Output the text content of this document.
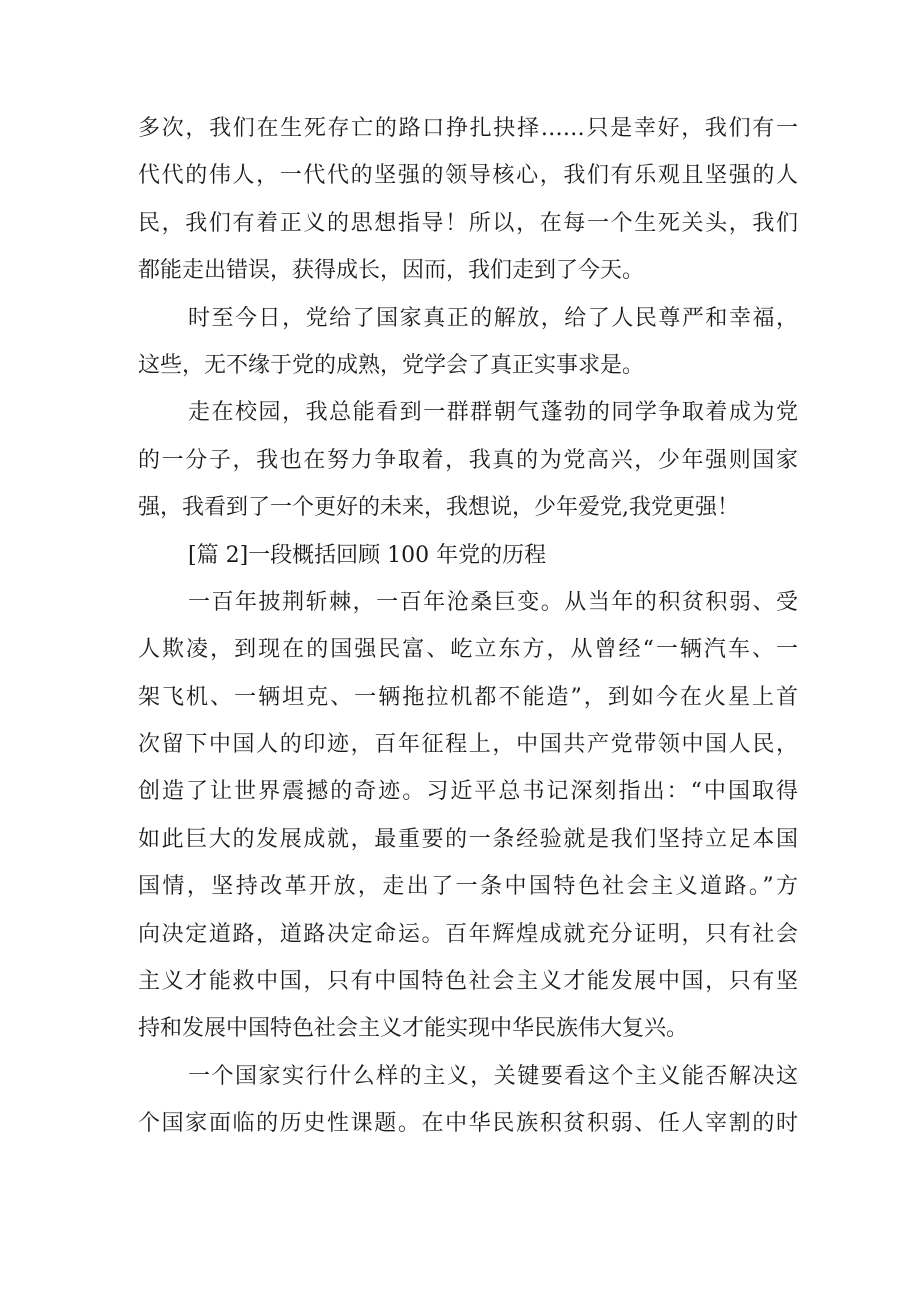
多次，我们在生死存亡的路口挣扎抉择……只是幸好，我们有一
代代的伟人，一代代的坚强的领导核心，我们有乐观且坚强的人
民，我们有着正义的思想指导！所以，在每一个生死关头，我们
都能走出错误，获得成长，因而，我们走到了今天。
时至今日，党给了国家真正的解放，给了人民尊严和幸福，
这些，无不缘于党的成熟，党学会了真正实事求是。
走在校园，我总能看到一群群朝气蓬勃的同学争取着成为党
的一分子，我也在努力争取着，我真的为党高兴，少年强则国家
强，我看到了一个更好的未来，我想说，少年爱党,我党更强！
[篇 2]一段概括回顾 100 年党的历程
一百年披荆斩棘，一百年沧桑巨变。从当年的积贫积弱、受
人欺凌，到现在的国强民富、屹立东方，从曾经“一辆汽车、一
架飞机、一辆坦克、一辆拖拉机都不能造”，到如今在火星上首
次留下中国人的印迹，百年征程上，中国共产党带领中国人民，
创造了让世界震撼的奇迹。习近平总书记深刻指出：“中国取得
如此巨大的发展成就，最重要的一条经验就是我们坚持立足本国
国情，坚持改革开放，走出了一条中国特色社会主义道路。”方
向决定道路，道路决定命运。百年辉煌成就充分证明，只有社会
主义才能救中国，只有中国特色社会主义才能发展中国，只有坚
持和发展中国特色社会主义才能实现中华民族伟大复兴。
一个国家实行什么样的主义，关键要看这个主义能否解决这
个国家面临的历史性课题。在中华民族积贫积弱、任人宰割的时
